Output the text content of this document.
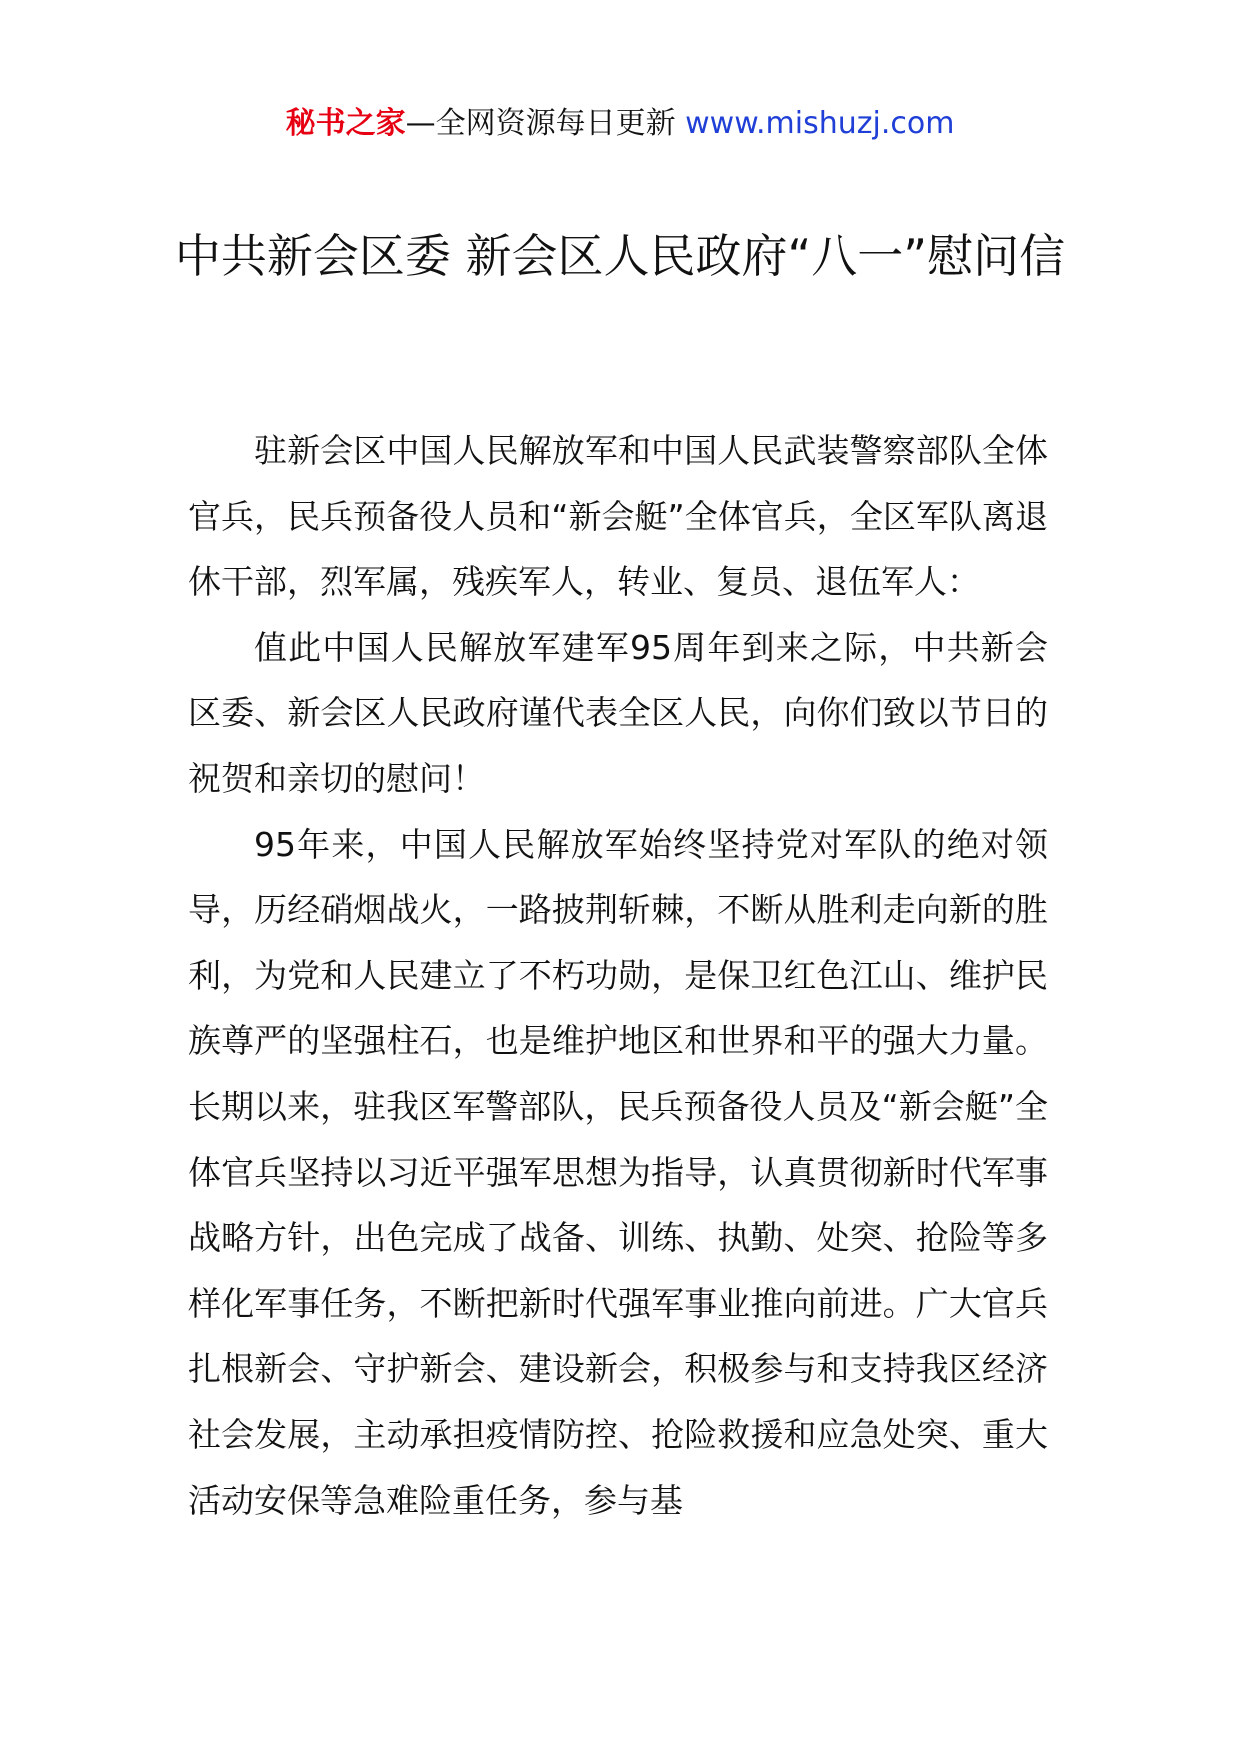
秘书之家—全网资源每日更新 www.mishuzj.com
中共新会区委 新会区人民政府“八一”慰问信

驻新会区中国人民解放军和中国人民武装警察部队全体官兵，民兵预备役人员和“新会艇”全体官兵，全区军队离退休干部，烈军属，残疾军人，转业、复员、退伍军人：

值此中国人民解放军建军95周年到来之际，中共新会区委、新会区人民政府谨代表全区人民，向你们致以节日的祝贺和亲切的慰问！

95年来，中国人民解放军始终坚持党对军队的绝对领导，历经硝烟战火，一路披荆斩棘，不断从胜利走向新的胜利，为党和人民建立了不朽功勋，是保卫红色江山、维护民族尊严的坚强柱石，也是维护地区和世界和平的强大力量。长期以来，驻我区军警部队，民兵预备役人员及“新会艇”全体官兵坚持以习近平强军思想为指导，认真贯彻新时代军事战略方针，出色完成了战备、训练、执勤、处突、抢险等多样化军事任务，不断把新时代强军事业推向前进。广大官兵扎根新会、守护新会、建设新会，积极参与和支持我区经济社会发展，主动承担疫情防控、抢险救援和应急处突、重大活动安保等急难险重任务，参与基
